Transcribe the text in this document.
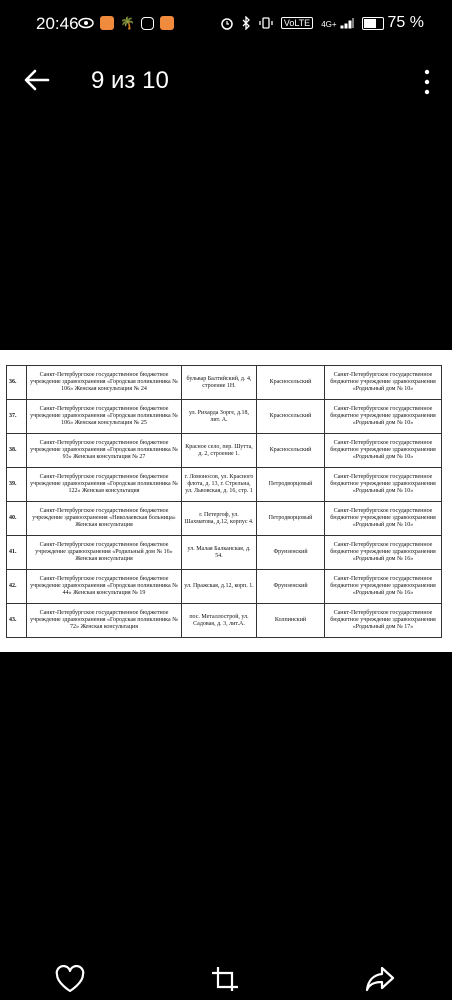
20:46	🌴	VoLTE	4G+	75 %
9 из 10
36.	Санкт-Петербургское государственное бюджетное учреждение здравоохранения «Городская поликлиника № 106» Женская консультация № 24	бульвар Балтийский, д. 4, строение 1Н.	Красносельский	Санкт-Петербургское государственное бюджетное учреждение здравоохранения «Родильный дом № 10»
37.	Санкт-Петербургское государственное бюджетное учреждение здравоохранения «Городская поликлиника № 106» Женская консультация № 25	ул. Рихарда Зорге, д.18, лит. А.	Красносельский	Санкт-Петербургское государственное бюджетное учреждение здравоохранения «Родильный дом № 10»
38.	Санкт-Петербургское государственное бюджетное учреждение здравоохранения «Городская поликлиника № 93» Женская консультация № 27	Красное село, пер. Шутта, д. 2, строение 1.	Красносельский	Санкт-Петербургское государственное бюджетное учреждение здравоохранения «Родильный дом № 10»
39.	Санкт-Петербургское государственное бюджетное учреждение здравоохранения «Городская поликлиника № 122» Женская консультация	г. Ломоносов, ул. Красного флота, д. 13, г. Стрельна, ул. Львовская, д. 16, стр. 1	Петродворцовый	Санкт-Петербургское государственное бюджетное учреждение здравоохранения «Родильный дом № 10»
40.	Санкт-Петербургское государственное бюджетное учреждение здравоохранения «Николаевская больница» Женская консультация	г. Петергоф, ул. Шахматова, д.12, корпус 4.	Петродворцовый	Санкт-Петербургское государственное бюджетное учреждение здравоохранения «Родильный дом № 10»
41.	Санкт-Петербургское государственное бюджетное учреждение здравоохранения «Родильный дом № 16» Женская консультация	ул. Малая Балканская, д. 54.	Фрунзенский	Санкт-Петербургское государственное бюджетное учреждение здравоохранения «Родильный дом № 16»
42.	Санкт-Петербургское государственное бюджетное учреждение здравоохранения «Городская поликлиника № 44» Женская консультация № 19	ул. Пражская, д.12, корп. 1.	Фрунзенский	Санкт-Петербургское государственное бюджетное учреждение здравоохранения «Родильный дом № 16»
43.	Санкт-Петербургское государственное бюджетное учреждение здравоохранения «Городская поликлиника № 72» Женская консультация	пос. Металлострой, ул. Садовая, д. 3, лит.А.	Колпинский	Санкт-Петербургское государственное бюджетное учреждение здравоохранения «Родильный дом № 17»
